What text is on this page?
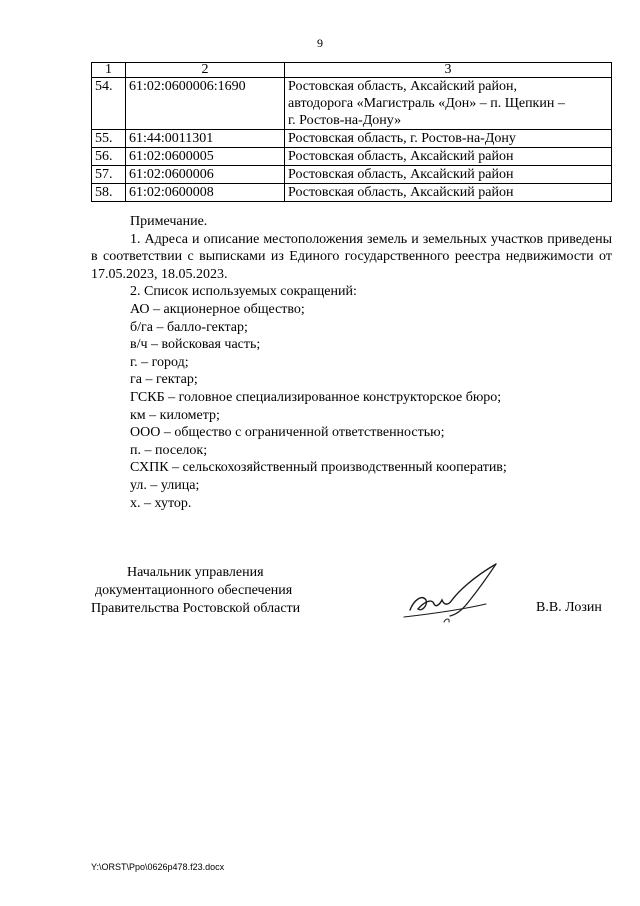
9
1	2	3
54.	61:02:0600006:1690	Ростовская область, Аксайский район,
автодорога «Магистраль «Дон» – п. Щепкин –
г. Ростов-на-Дону»

55.	61:44:0011301	Ростовская область, г. Ростов-на-Дону
56.	61:02:0600005	Ростовская область, Аксайский район
57.	61:02:0600006	Ростовская область, Аксайский район
58.	61:02:0600008	Ростовская область, Аксайский район

Примечание.

1. Адреса и описание местоположения земель и земельных участков приведены в соответствии с выписками из Единого государственного реестра недвижимости от 17.05.2023, 18.05.2023.

2. Список используемых сокращений:

АО – акционерное общество;

б/га – балло-гектар;

в/ч – войсковая часть;

г. – город;

га – гектар;

ГСКБ – головное специализированное конструкторское бюро;

км – километр;

ООО – общество с ограниченной ответственностью;

п. – поселок;

СХПК – сельскохозяйственный производственный кооператив;

ул. – улица;

х. – хутор.

Начальник управления
документационного обеспечения
Правительства Ростовской области	В.В. Лозин
Y:\ORST\Ppo\0626p478.f23.docx
